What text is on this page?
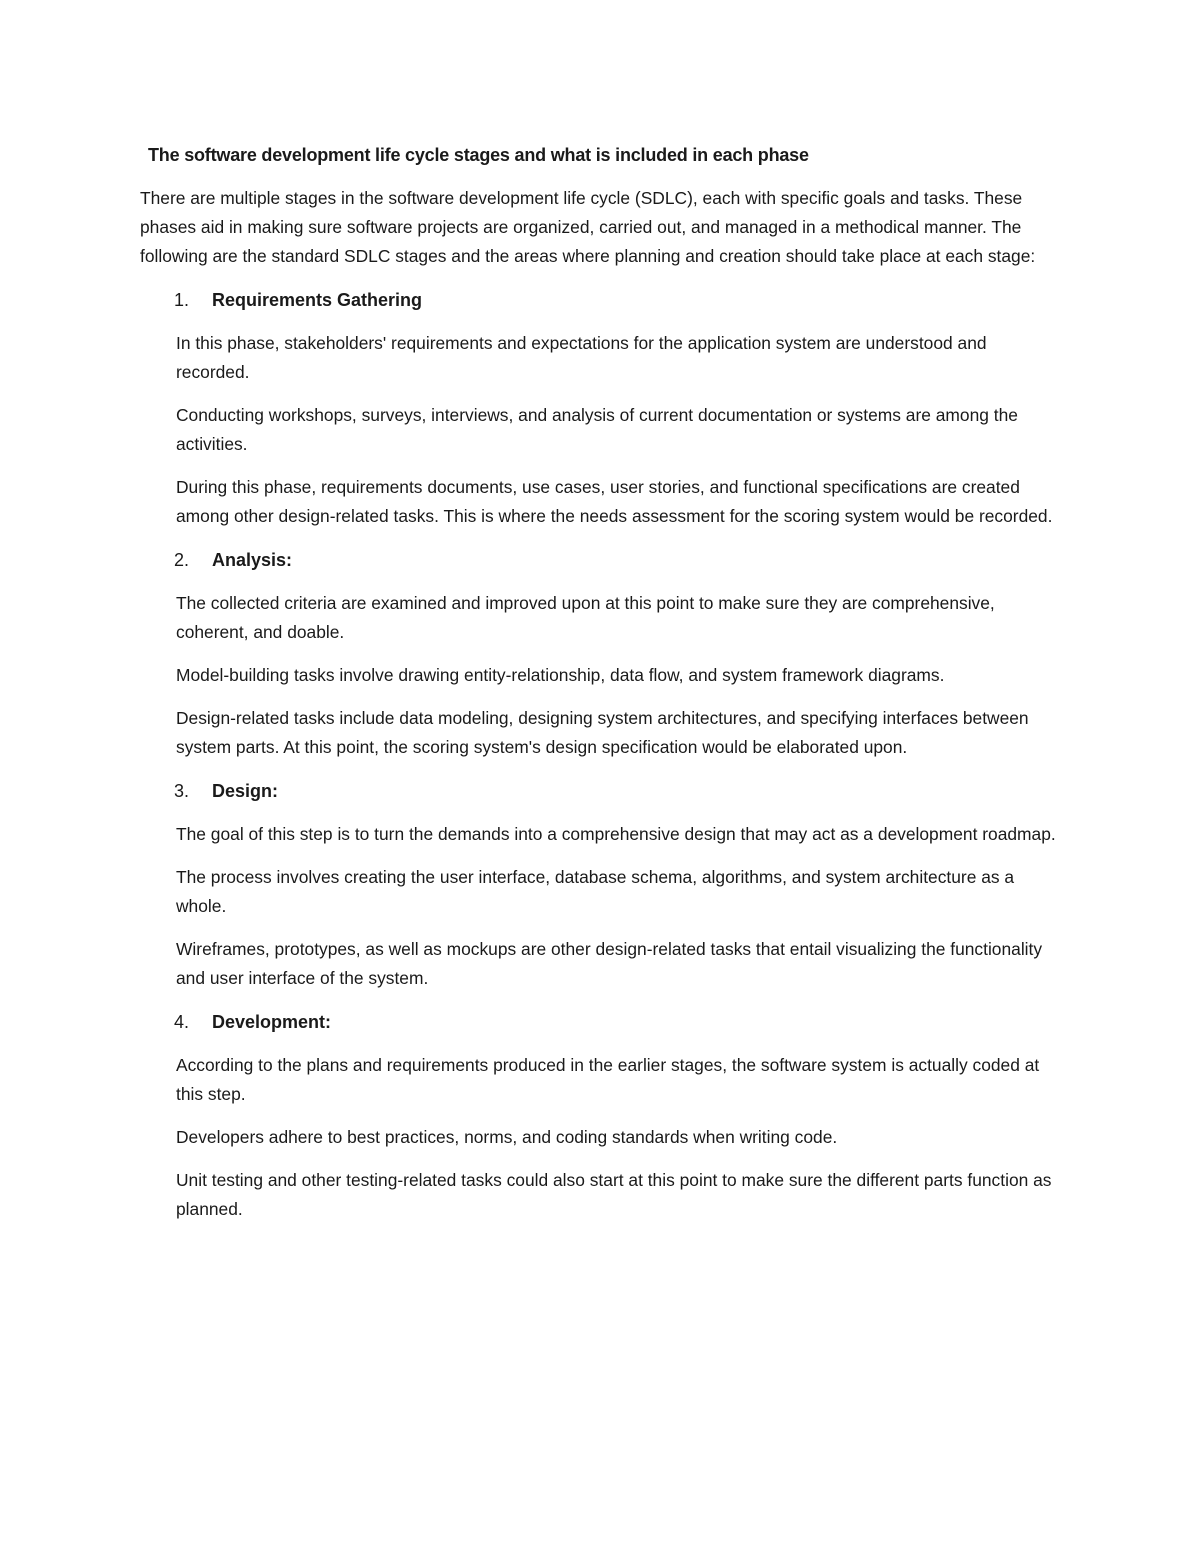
The software development life cycle stages and what is included in each phase

There are multiple stages in the software development life cycle (SDLC), each with specific goals and tasks. These phases aid in making sure software projects are organized, carried out, and managed in a methodical manner. The following are the standard SDLC stages and the areas where planning and creation should take place at each stage:

1.	Requirements Gathering

In this phase, stakeholders' requirements and expectations for the application system are understood and recorded.

Conducting workshops, surveys, interviews, and analysis of current documentation or systems are among the activities.

During this phase, requirements documents, use cases, user stories, and functional specifications are created among other design-related tasks. This is where the needs assessment for the scoring system would be recorded.

2.	Analysis:

The collected criteria are examined and improved upon at this point to make sure they are comprehensive, coherent, and doable.

Model-building tasks involve drawing entity-relationship, data flow, and system framework diagrams.

Design-related tasks include data modeling, designing system architectures, and specifying interfaces between system parts. At this point, the scoring system's design specification would be elaborated upon.

3.	Design:

The goal of this step is to turn the demands into a comprehensive design that may act as a development roadmap.

The process involves creating the user interface, database schema, algorithms, and system architecture as a whole.

Wireframes, prototypes, as well as mockups are other design-related tasks that entail visualizing the functionality and user interface of the system.

4.	Development:

According to the plans and requirements produced in the earlier stages, the software system is actually coded at this step.

Developers adhere to best practices, norms, and coding standards when writing code.

Unit testing and other testing-related tasks could also start at this point to make sure the different parts function as planned.
